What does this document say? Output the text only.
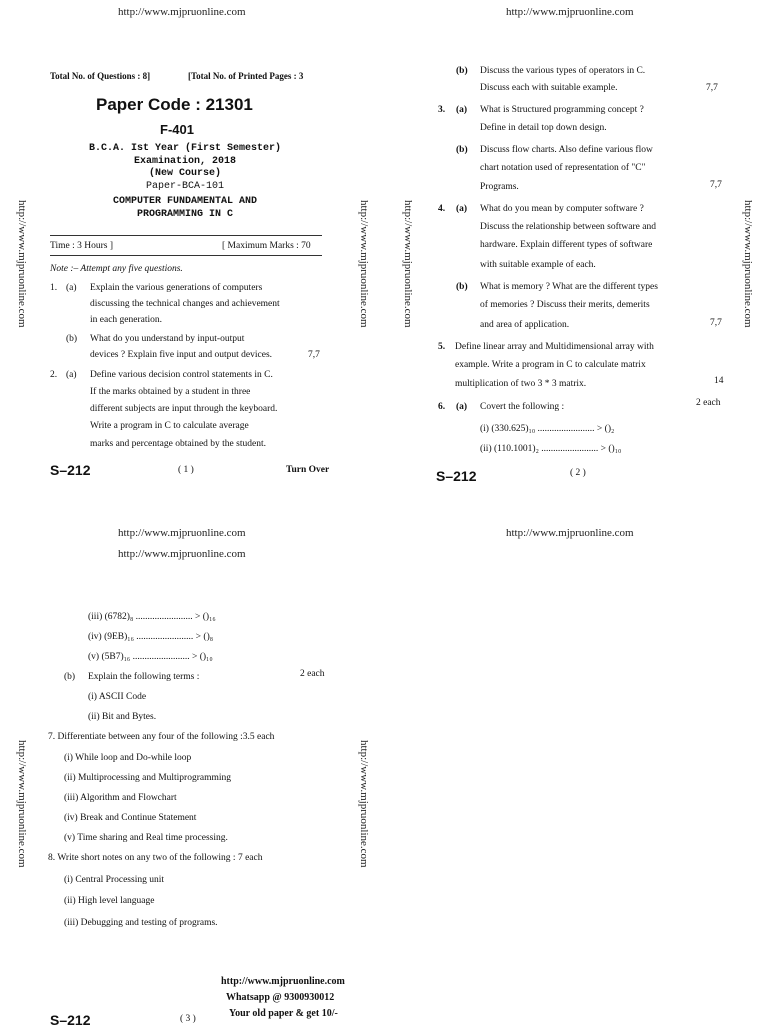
http://www.mjpruonline.com
Total No. of Questions : 8]	[Total No. of Printed Pages : 3
Paper Code : 21301
F-401
B.C.A. Ist Year (First Semester)
Examination, 2018
(New Course)
Paper-BCA-101
COMPUTER FUNDAMENTAL AND
PROGRAMMING IN C
Time : 3 Hours ]	[ Maximum Marks : 70
Note :– Attempt any five questions.
1. (a) Explain the various generations of computers
discussing the technical changes and achievement
in each generation.
(b) What do you understand by input-output
devices ? Explain five input and output devices.	7,7
2. (a) Define various decision control statements in C.
If the marks obtained by a student in three
different subjects are input through the keyboard.
Write a program in C to calculate average
marks and percentage obtained by the student.
S–212	( 1 )	Turn Over
http://www.mjpruonline.com	http://www.mjpruonline.com
http://www.mjpruonline.com
(b) Discuss the various types of operators in C.
Discuss each with suitable example.	7,7
3. (a) What is Structured programming concept ?
Define in detail top down design.
(b) Discuss flow charts. Also define various flow
chart notation used of representation of "C"
Programs.	7,7
4. (a) What do you mean by computer software ?
Discuss the relationship between software and
hardware. Explain different types of software
with suitable example of each.
(b) What is memory ? What are the different types
of memories ? Discuss their merits, demerits
and area of application.	7,7
5. Define linear array and Multidimensional array with
example. Write a program in C to calculate matrix
multiplication of two 3 * 3 matrix.	14
6. (a) Covert the following :	2 each
(i) (330.625)₁₀ ........................ > ()₂
(ii) (110.1001)₂ ........................ > ()₁₀
S–212	( 2 )
http://www.mjpruonline.com	http://www.mjpruonline.com
http://www.mjpruonline.com
http://www.mjpruonline.com
http://www.mjpruonline.com
(iii) (6782)₈ ........................ > ()₁₆
(iv) (9EB)₁₆ ........................ > ()₈
(v) (5B7)₁₆ ........................ > ()₁₀
(b) Explain the following terms :	2 each
(i) ASCII Code
(ii) Bit and Bytes.
7. Differentiate between any four of the following :3.5 each
(i) While loop and Do-while loop
(ii) Multiprocessing and Multiprogramming
(iii) Algorithm and Flowchart
(iv) Break and Continue Statement
(v) Time sharing and Real time processing.
8. Write short notes on any two of the following : 7 each
(i) Central Processing unit
(ii) High level language
(iii) Debugging and testing of programs.
http://www.mjpruonline.com
Whatsapp @ 9300930012
Your old paper & get 10/-
S–212	( 3 )
http://www.mjpruonline.com	http://www.mjpruonline.com
